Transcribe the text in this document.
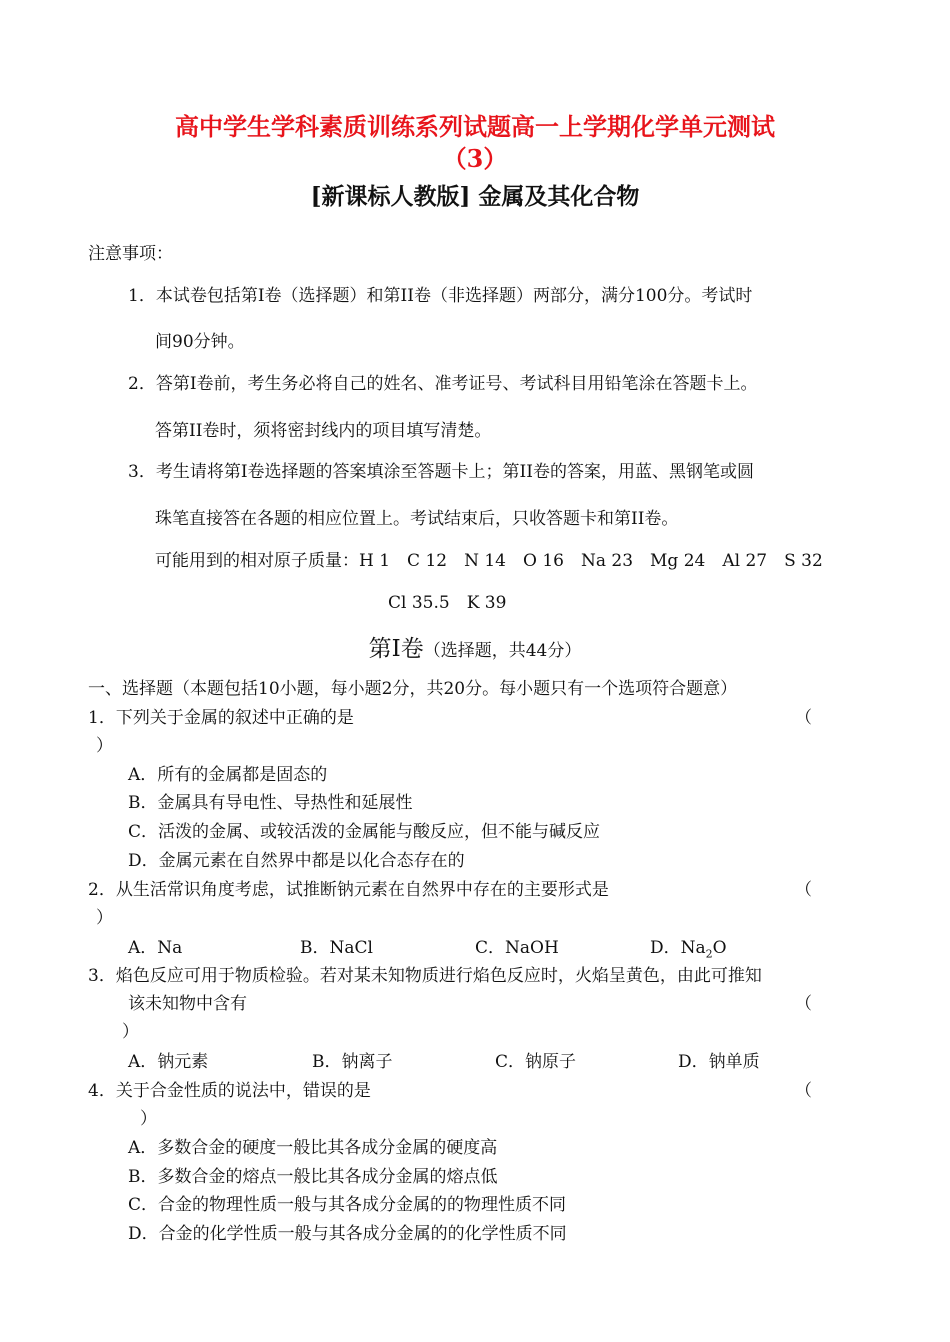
高中学生学科素质训练系列试题高一上学期化学单元测试
（3）
[新课标人教版] 金属及其化合物
注意事项：
1．本试卷包括第Ⅰ卷（选择题）和第II卷（非选择题）两部分，满分100分。考试时
间90分钟。
2．答第Ⅰ卷前，考生务必将自己的姓名、准考证号、考试科目用铅笔涂在答题卡上。
答第II卷时，须将密封线内的项目填写清楚。
3．考生请将第Ⅰ卷选择题的答案填涂至答题卡上；第II卷的答案，用蓝、黑钢笔或圆
珠笔直接答在各题的相应位置上。考试结束后，只收答题卡和第II卷。
可能用到的相对原子质量：H 1　C 12　N 14　O 16　Na 23　Mg 24　Al 27　S 32
Cl 35.5　K 39
第Ⅰ卷（选择题，共44分）
一、选择题（本题包括10小题，每小题2分，共20分。每小题只有一个选项符合题意）
1．下列关于金属的叙述中正确的是	（
）
A．所有的金属都是固态的
B．金属具有导电性、导热性和延展性
C．活泼的金属、或较活泼的金属能与酸反应，但不能与碱反应
D．金属元素在自然界中都是以化合态存在的
2．从生活常识角度考虑，试推断钠元素在自然界中存在的主要形式是	（
）
A．Na	B．NaCl	C．NaOH	D．$Na_2O$
3．焰色反应可用于物质检验。若对某未知物质进行焰色反应时，火焰呈黄色，由此可推知
该未知物中含有	（
）
A．钠元素	B．钠离子	C．钠原子	D．钠单质
4．关于合金性质的说法中，错误的是	（
）
A．多数合金的硬度一般比其各成分金属的硬度高
B．多数合金的熔点一般比其各成分金属的熔点低
C．合金的物理性质一般与其各成分金属的的物理性质不同
D．合金的化学性质一般与其各成分金属的的化学性质不同
